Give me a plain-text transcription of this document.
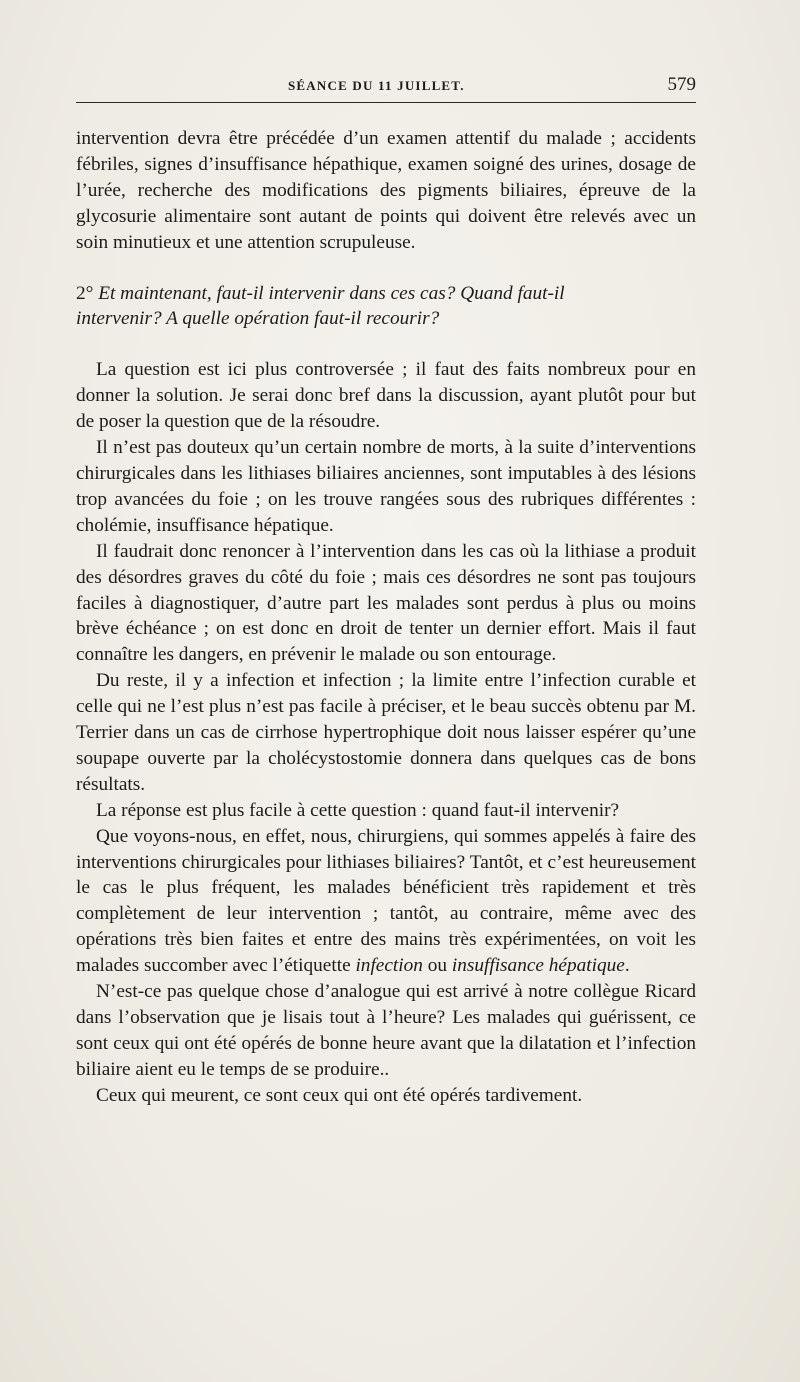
SÉANCE DU 11 JUILLET.	579

intervention devra être précédée d’un examen attentif du malade ; accidents fébriles, signes d’insuffisance hépathique, examen soigné des urines, dosage de l’urée, recherche des modifications des pigments biliaires, épreuve de la glycosurie alimentaire sont autant de points qui doivent être relevés avec un soin minutieux et une attention scrupuleuse.

2° Et maintenant, faut-il intervenir dans ces cas? Quand faut-il
intervenir? A quelle opération faut-il recourir?

La question est ici plus controversée ; il faut des faits nombreux pour en donner la solution. Je serai donc bref dans la discussion, ayant plutôt pour but de poser la question que de la résoudre.

Il n’est pas douteux qu’un certain nombre de morts, à la suite d’interventions chirurgicales dans les lithiases biliaires anciennes, sont imputables à des lésions trop avancées du foie ; on les trouve rangées sous des rubriques différentes : cholémie, insuffisance hépatique.

Il faudrait donc renoncer à l’intervention dans les cas où la lithiase a produit des désordres graves du côté du foie ; mais ces désordres ne sont pas toujours faciles à diagnostiquer, d’autre part les malades sont perdus à plus ou moins brève échéance ; on est donc en droit de tenter un dernier effort. Mais il faut connaître les dangers, en prévenir le malade ou son entourage.

Du reste, il y a infection et infection ; la limite entre l’infection curable et celle qui ne l’est plus n’est pas facile à préciser, et le beau succès obtenu par M. Terrier dans un cas de cirrhose hypertrophique doit nous laisser espérer qu’une soupape ouverte par la cholécystostomie donnera dans quelques cas de bons résultats.

La réponse est plus facile à cette question : quand faut-il intervenir?

Que voyons-nous, en effet, nous, chirurgiens, qui sommes appelés à faire des interventions chirurgicales pour lithiases biliaires? Tantôt, et c’est heureusement le cas le plus fréquent, les malades bénéficient très rapidement et très complètement de leur intervention ; tantôt, au contraire, même avec des opérations très bien faites et entre des mains très expérimentées, on voit les malades succomber avec l’étiquette infection ou insuffisance hépatique.

N’est-ce pas quelque chose d’analogue qui est arrivé à notre collègue Ricard dans l’observation que je lisais tout à l’heure? Les malades qui guérissent, ce sont ceux qui ont été opérés de bonne heure avant que la dilatation et l’infection biliaire aient eu le temps de se produire..

Ceux qui meurent, ce sont ceux qui ont été opérés tardivement.
